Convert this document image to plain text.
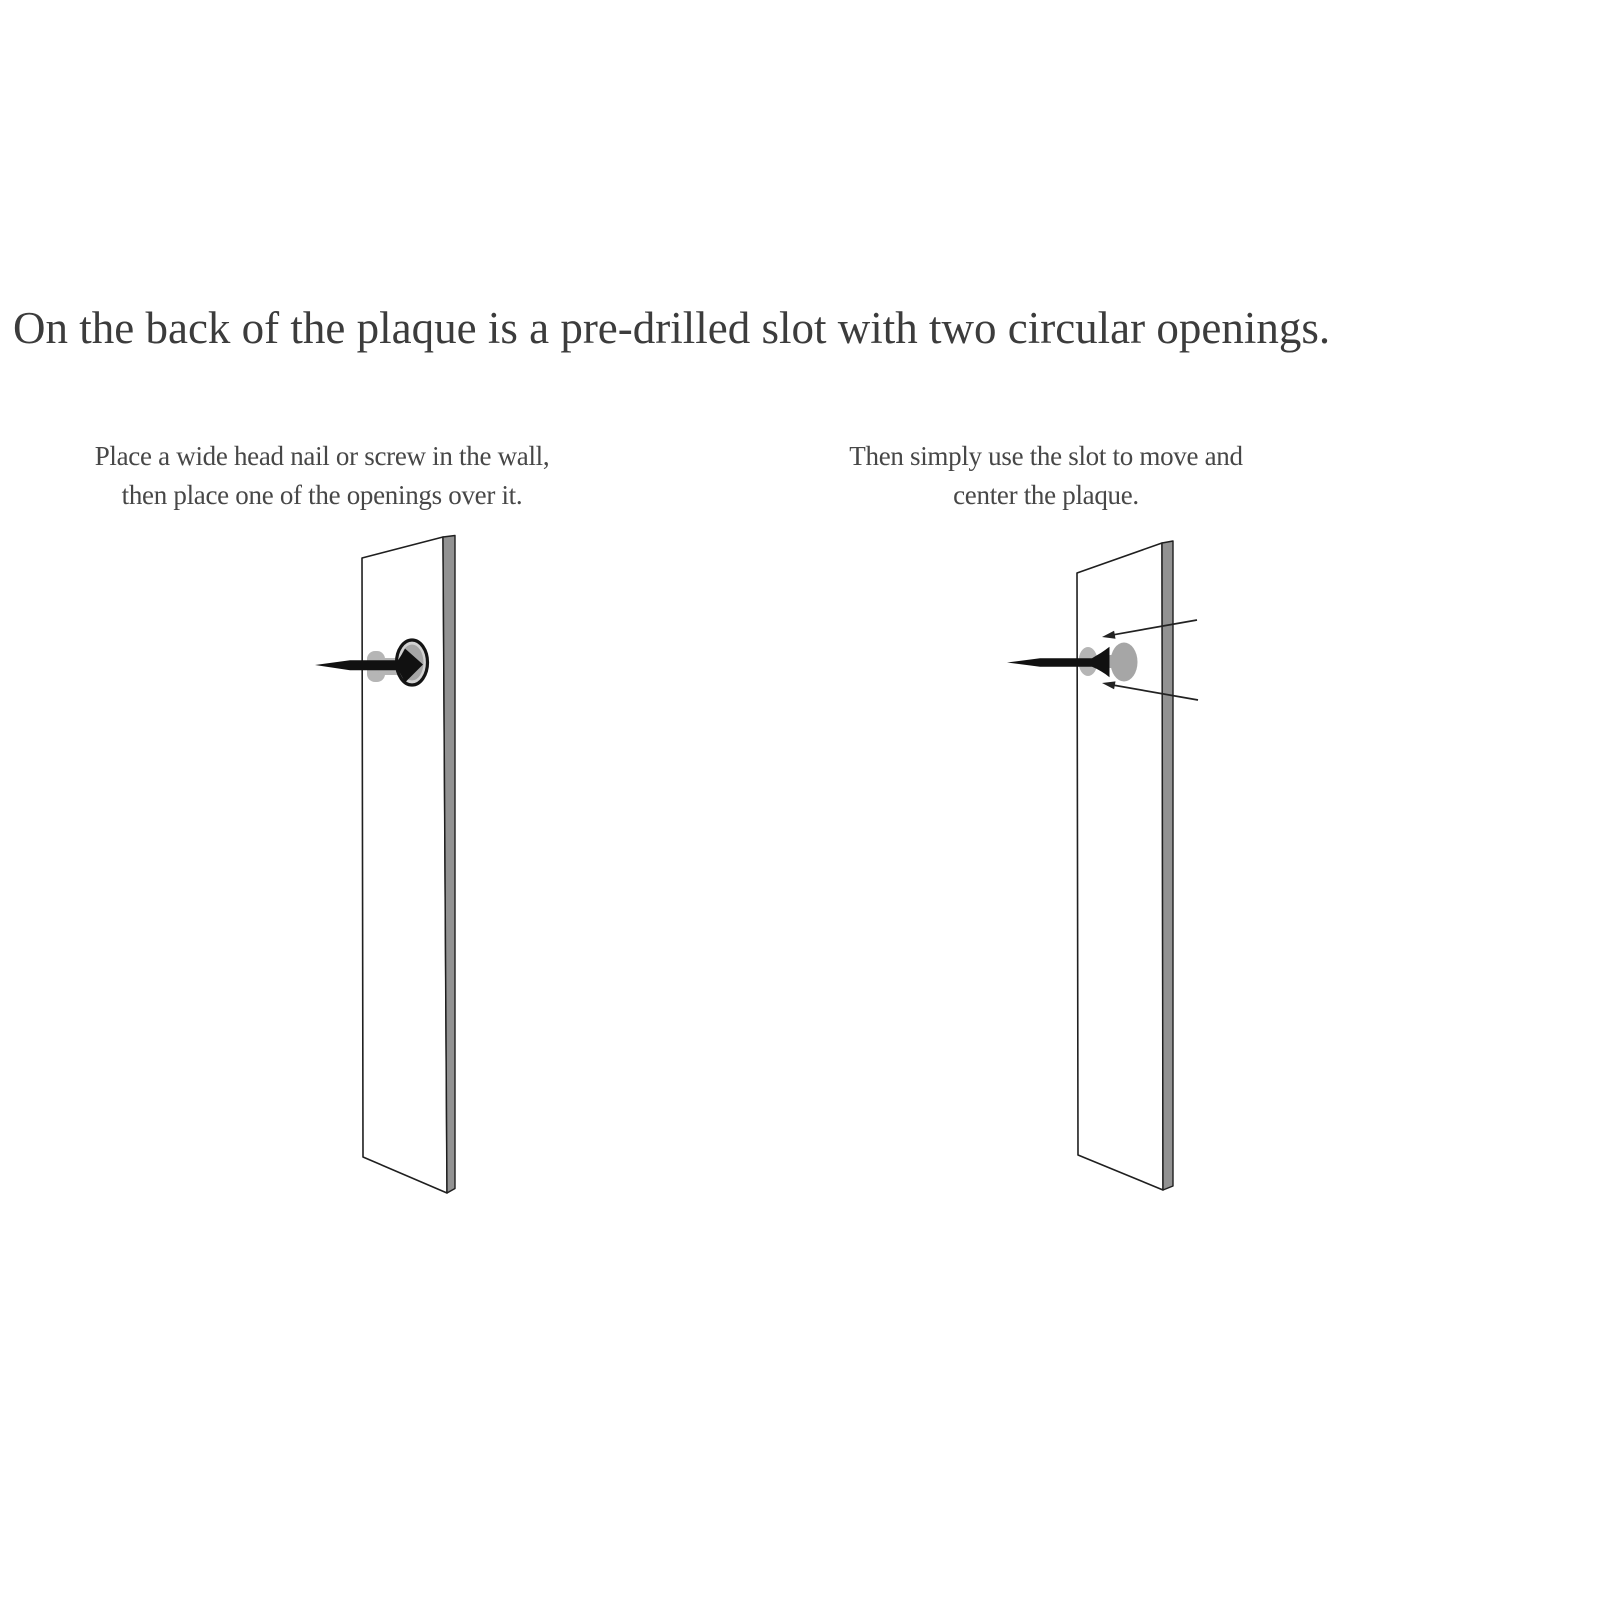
On the back of the plaque is a pre-drilled slot with two circular openings.
Place a wide head nail or screw in the wall,
then place one of the openings over it.
Then simply use the slot to move and
center the plaque.
